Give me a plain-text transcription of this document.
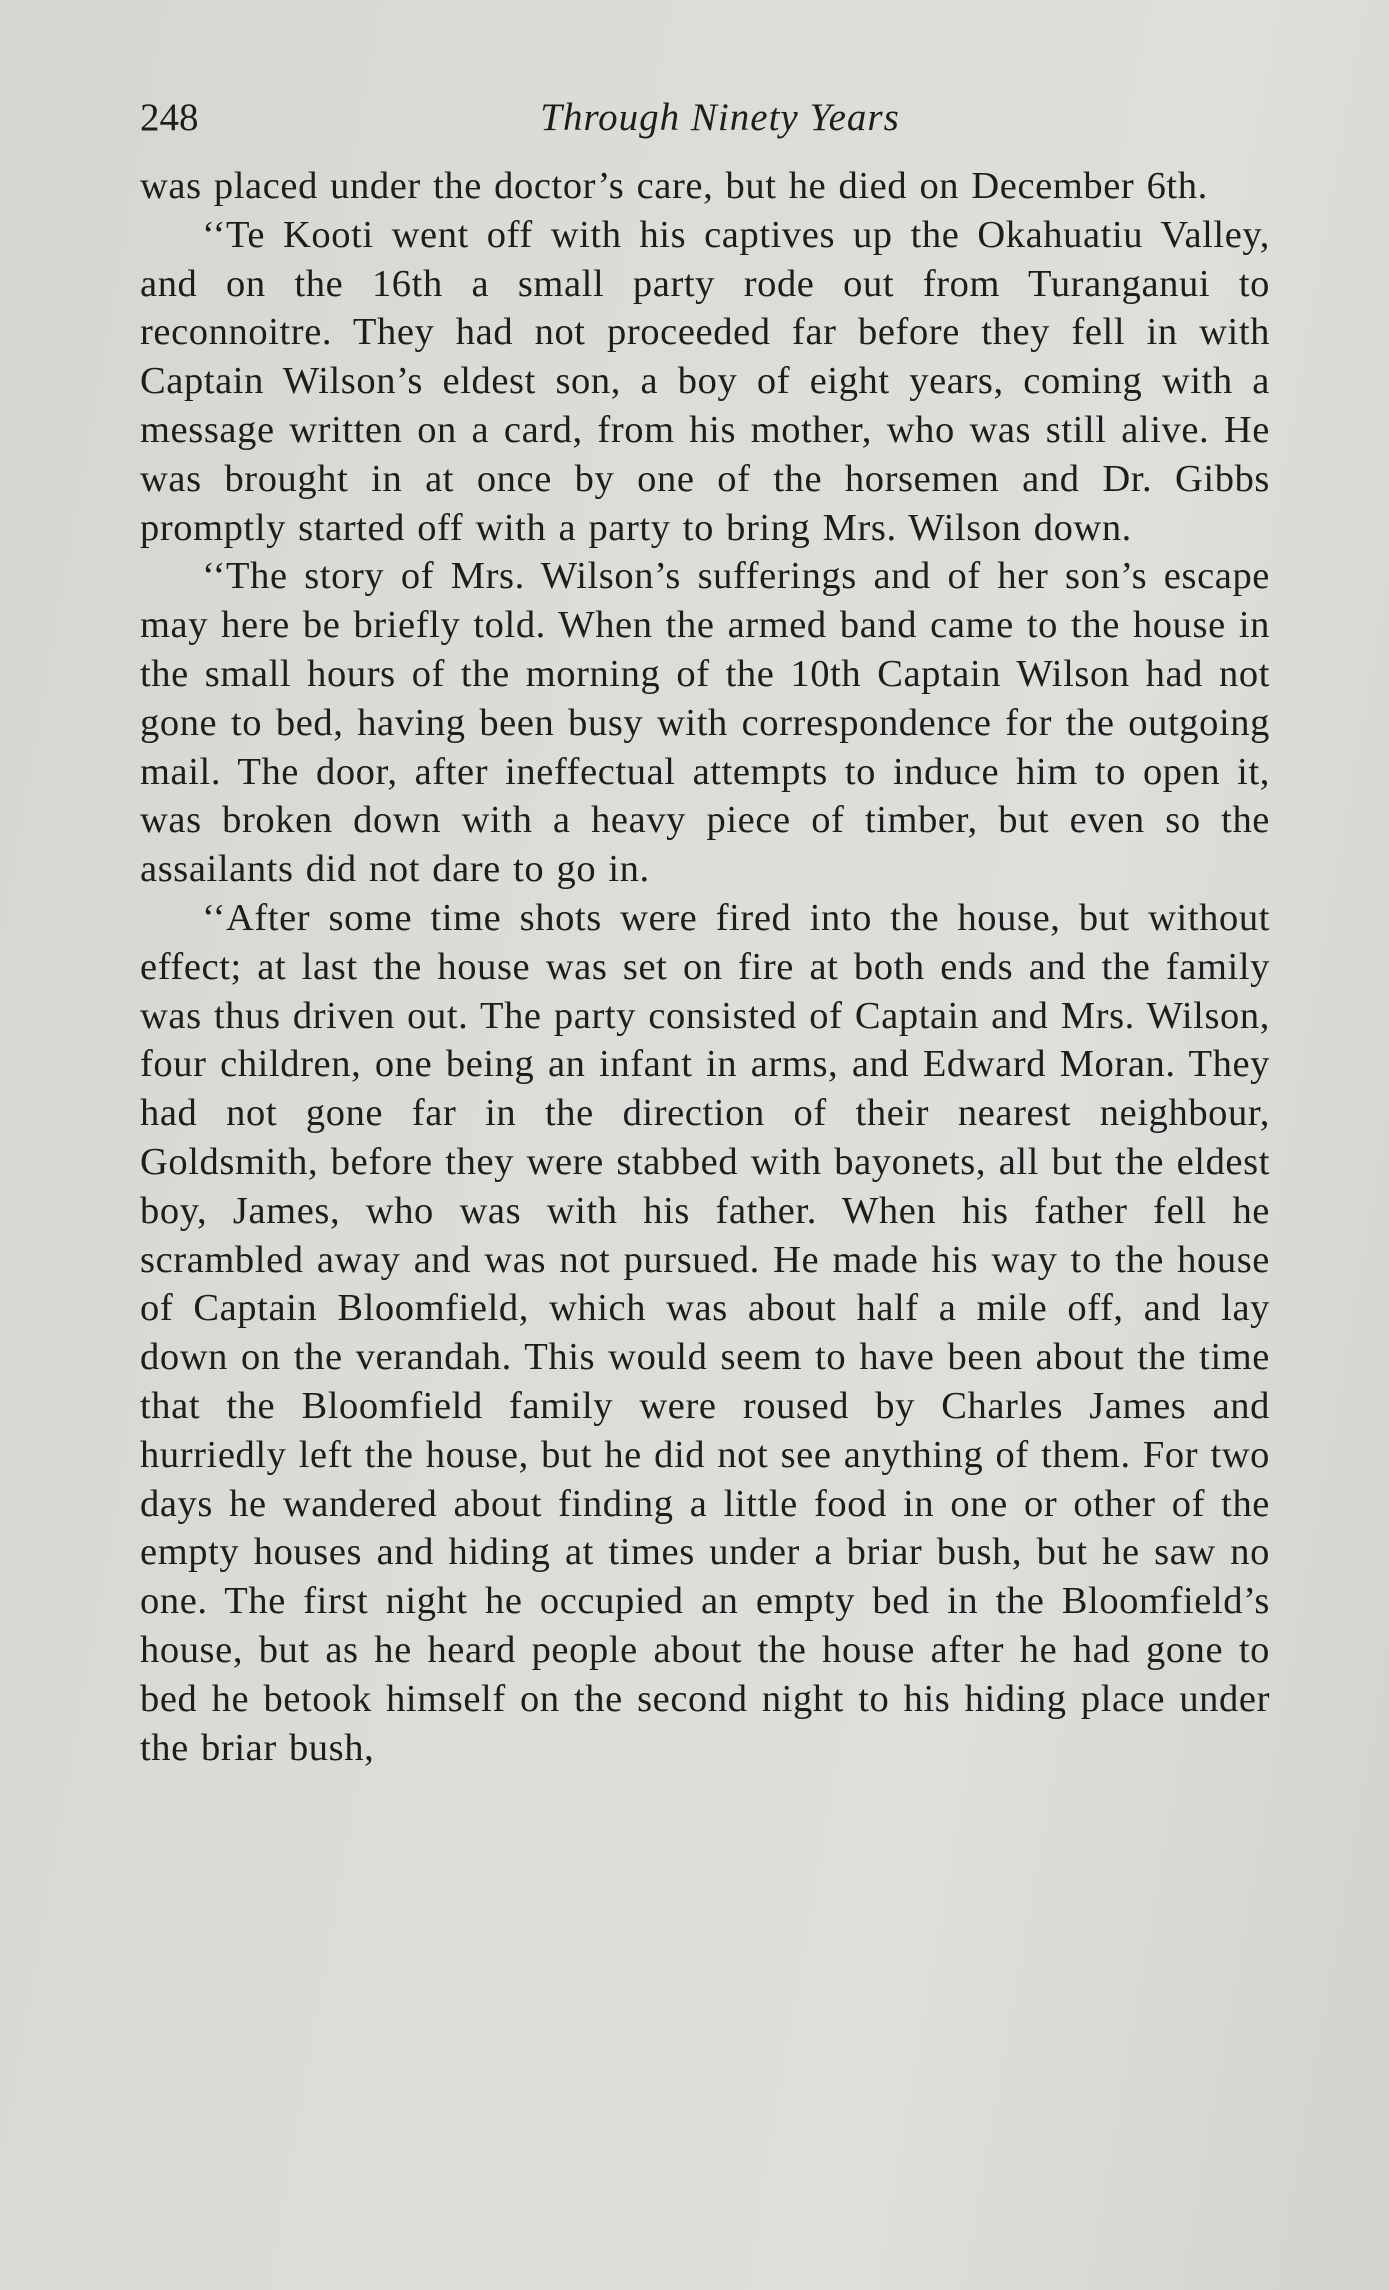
248	Through Ninety Years

was placed under the doctor’s care, but he died on December 6th.

‘‘Te Kooti went off with his captives up the Okahuatiu Valley, and on the 16th a small party rode out from Turanganui to reconnoitre. They had not proceeded far before they fell in with Captain Wilson’s eldest son, a boy of eight years, coming with a message written on a card, from his mother, who was still alive. He was brought in at once by one of the horsemen and Dr. Gibbs promptly started off with a party to bring Mrs. Wilson down.

‘‘The story of Mrs. Wilson’s sufferings and of her son’s escape may here be briefly told. When the armed band came to the house in the small hours of the morning of the 10th Captain Wilson had not gone to bed, having been busy with correspondence for the outgoing mail. The door, after ineffectual attempts to induce him to open it, was broken down with a heavy piece of timber, but even so the assailants did not dare to go in.

‘‘After some time shots were fired into the house, but without effect; at last the house was set on fire at both ends and the family was thus driven out. The party consisted of Captain and Mrs. Wilson, four children, one being an infant in arms, and Edward Moran. They had not gone far in the direction of their nearest neighbour, Goldsmith, before they were stabbed with bayonets, all but the eldest boy, James, who was with his father. When his father fell he scrambled away and was not pursued. He made his way to the house of Captain Bloomfield, which was about half a mile off, and lay down on the verandah. This would seem to have been about the time that the Bloomfield family were roused by Charles James and hurriedly left the house, but he did not see anything of them. For two days he wandered about finding a little food in one or other of the empty houses and hiding at times under a briar bush, but he saw no one. The first night he occupied an empty bed in the Bloomfield’s house, but as he heard people about the house after he had gone to bed he betook himself on the second night to his hiding place under the briar bush,
